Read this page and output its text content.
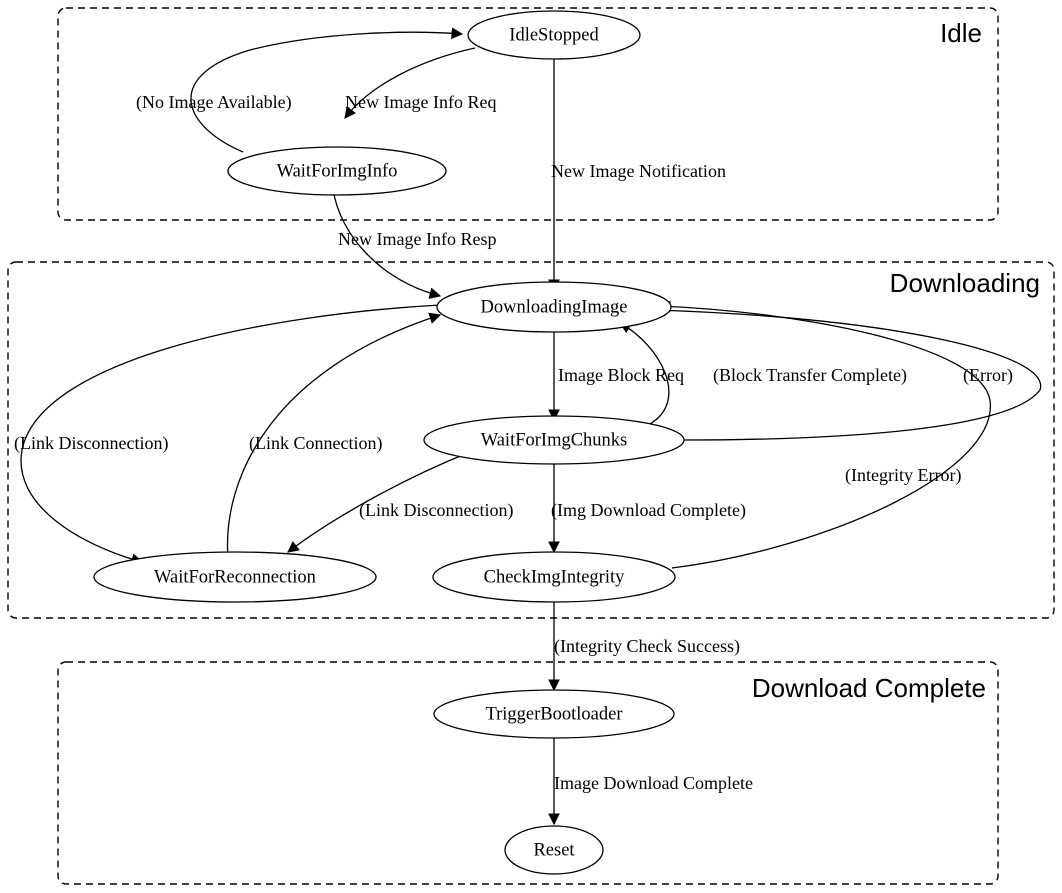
Idle
Downloading
Download Complete
(No Image Available)	New Image Info Req
New Image Notification
New Image Info Resp
Image Block Req (Block Transfer Complete)	(Error)
(Link Disconnection)	(Link Connection)
(Integrity Error)
(Link Disconnection) (Img Download Complete)
(Integrity Check Success)
Image Download Complete
IdleStopped
WaitForImgInfo
DownloadingImage
WaitForImgChunks
WaitForReconnection	CheckImgIntegrity
TriggerBootloader
Reset
